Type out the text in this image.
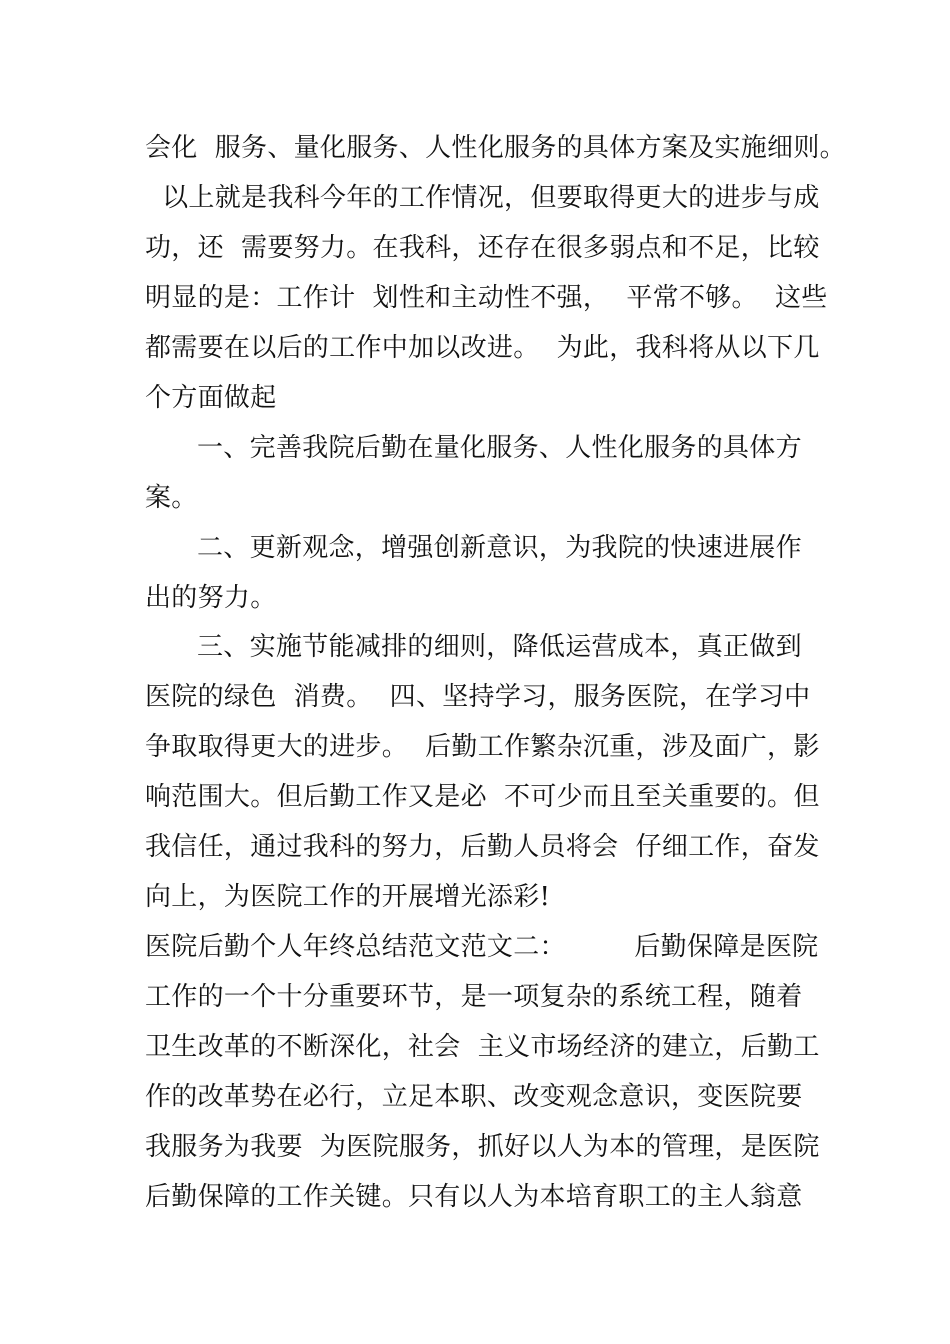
会化  服务、量化服务、人性化服务的具体方案及实施细则。

以上就是我科今年的工作情况，但要取得更大的进步与成

功，还  需要努力。在我科，还存在很多弱点和不足，比较

明显的是：工作计  划性和主动性不强，  平常不够。  这些

都需要在以后的工作中加以改进。  为此，我科将从以下几

个方面做起

一、完善我院后勤在量化服务、人性化服务的具体方

案。

二、更新观念，增强创新意识，为我院的快速进展作

出的努力。

三、实施节能减排的细则，降低运营成本，真正做到

医院的绿色  消费。  四、坚持学习，服务医院，在学习中

争取取得更大的进步。  后勤工作繁杂沉重，涉及面广，影

响范围大。但后勤工作又是必  不可少而且至关重要的。但

我信任，通过我科的努力，后勤人员将会  仔细工作，奋发

向上，为医院工作的开展增光添彩!

医院后勤个人年终总结范文范文二：        后勤保障是医院

工作的一个十分重要环节，是一项复杂的系统工程，随着

卫生改革的不断深化，社会  主义市场经济的建立，后勤工

作的改革势在必行，立足本职、改变观念意识，变医院要

我服务为我要  为医院服务，抓好以人为本的管理，是医院

后勤保障的工作关键。只有以人为本培育职工的主人翁意
